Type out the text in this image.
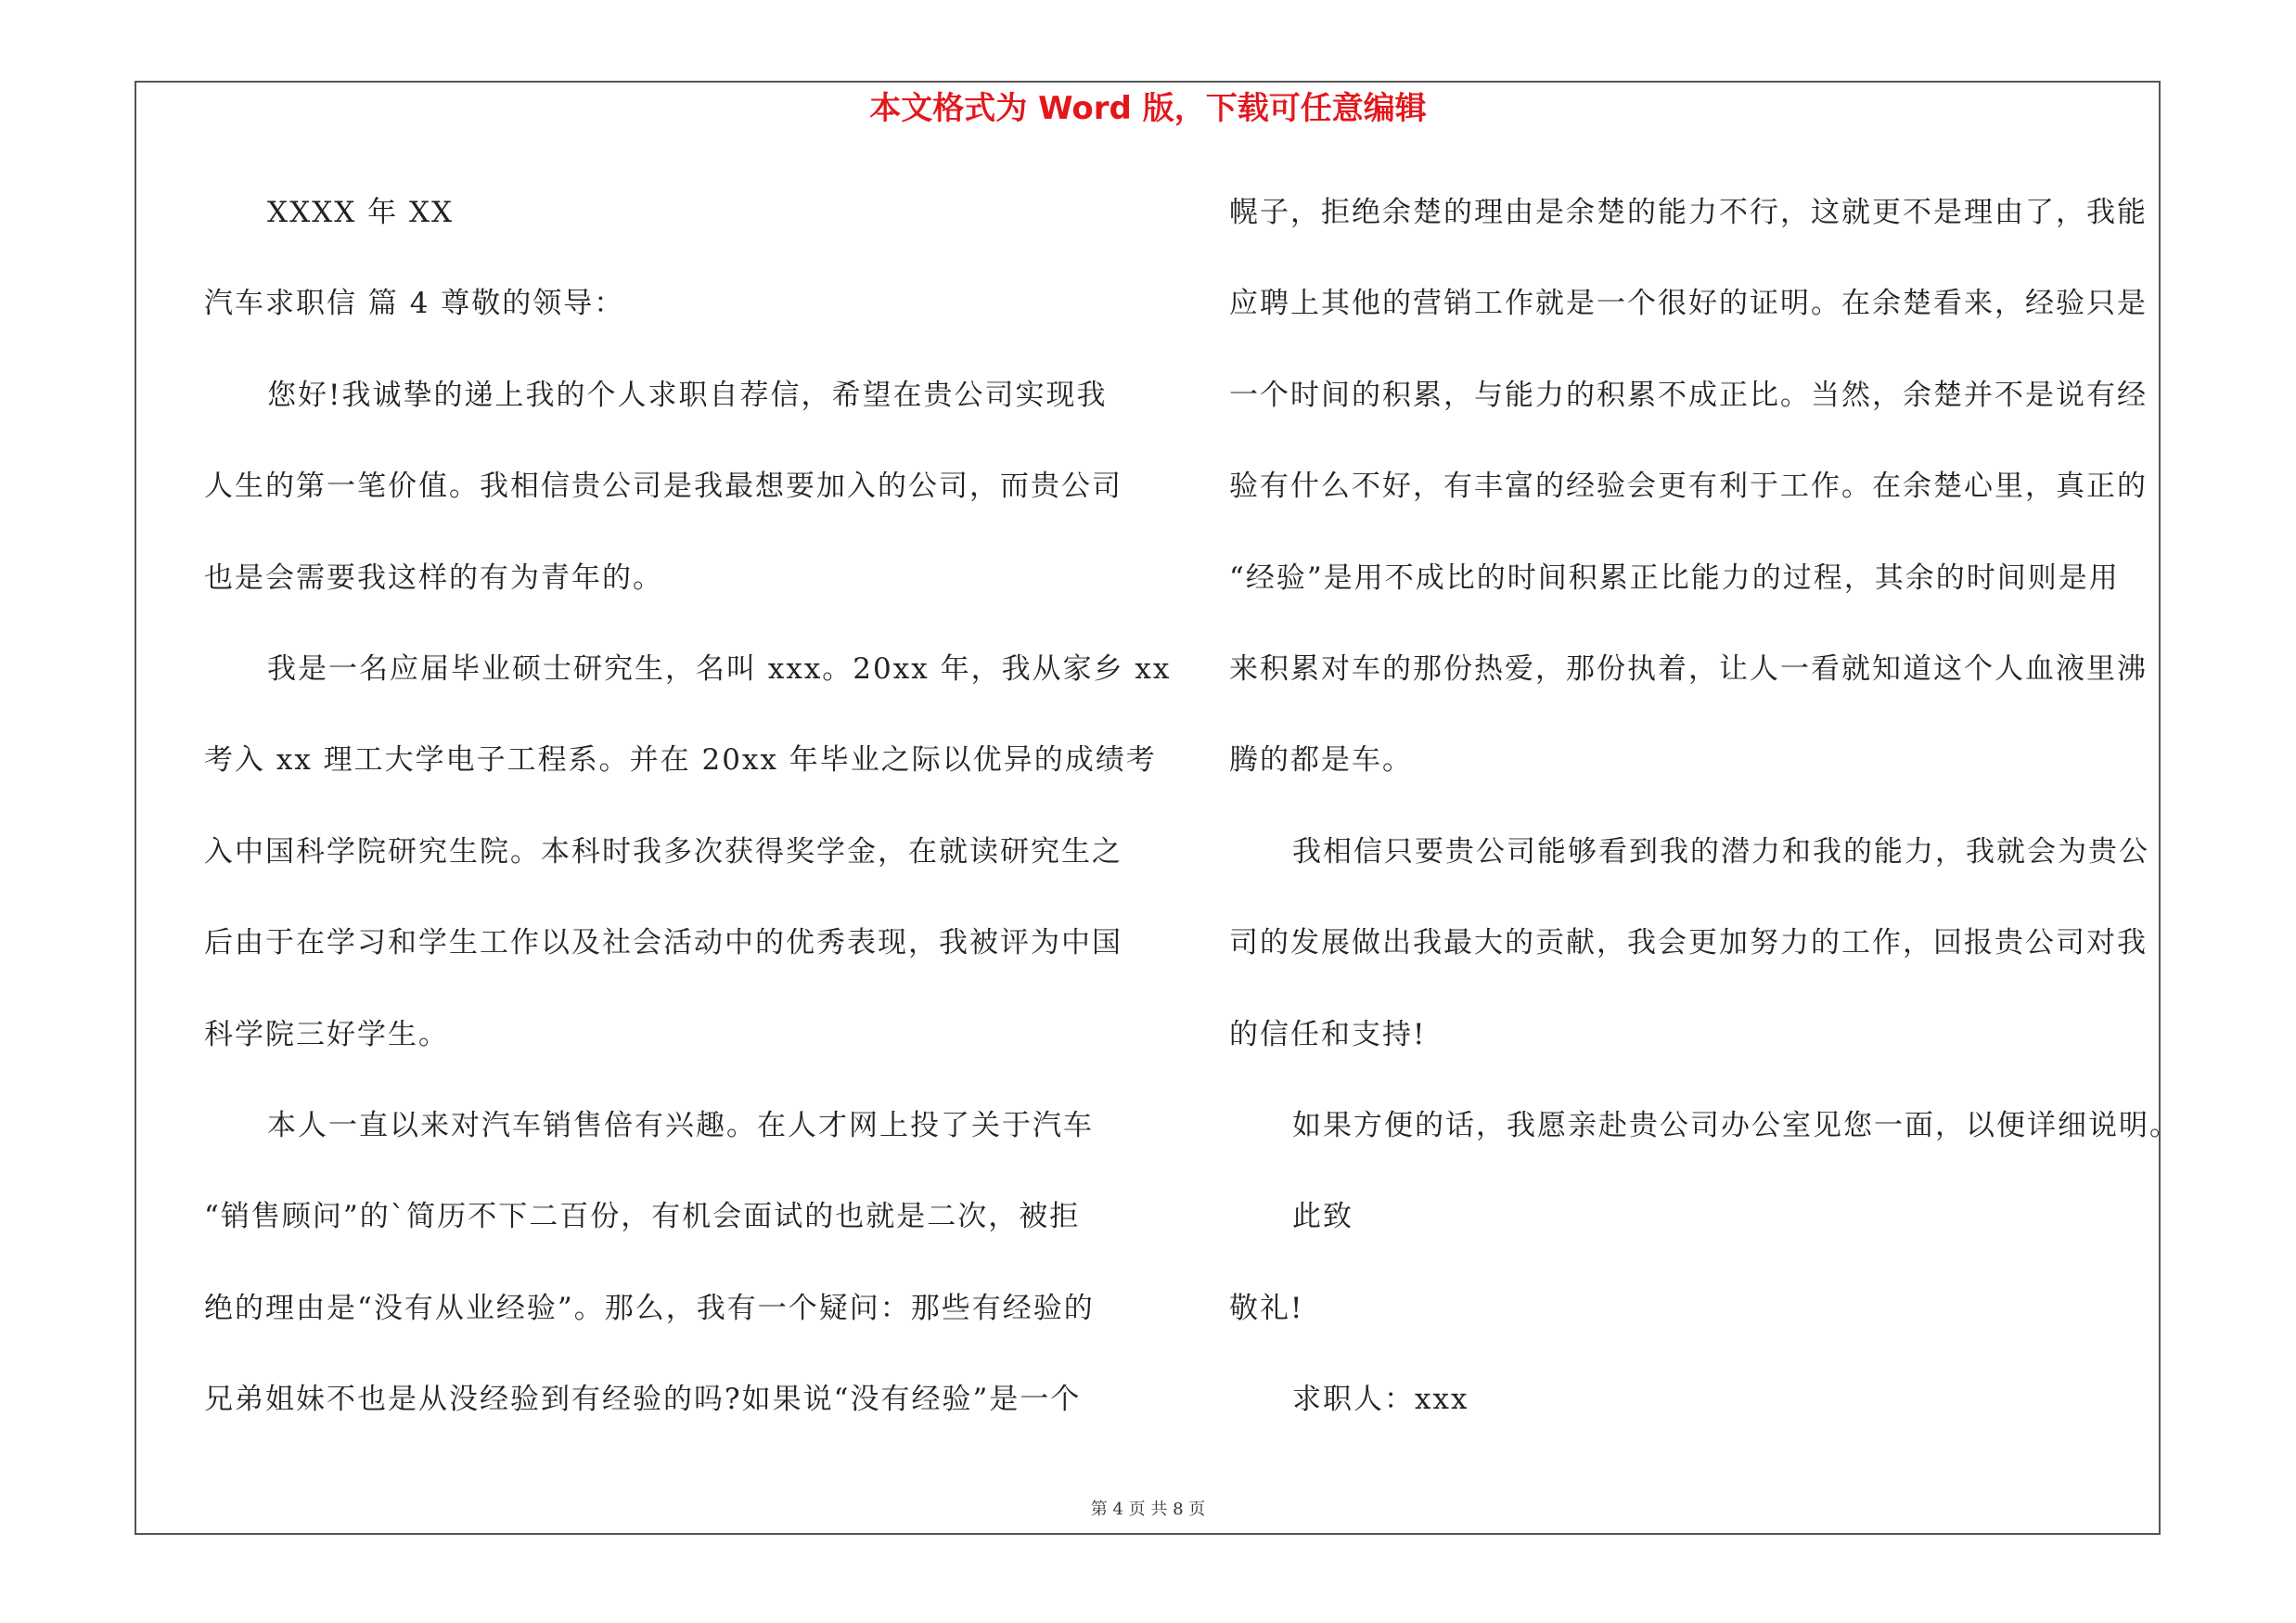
本文格式为 Word 版，下载可任意编辑
XXXX 年 XX
汽车求职信 篇 4 尊敬的领导：
您好!我诚挚的递上我的个人求职自荐信，希望在贵公司实现我
人生的第一笔价值。我相信贵公司是我最想要加入的公司，而贵公司
也是会需要我这样的有为青年的。
我是一名应届毕业硕士研究生，名叫 xxx。20xx 年，我从家乡 xx
考入 xx 理工大学电子工程系。并在 20xx 年毕业之际以优异的成绩考
入中国科学院研究生院。本科时我多次获得奖学金，在就读研究生之
后由于在学习和学生工作以及社会活动中的优秀表现，我被评为中国
科学院三好学生。
本人一直以来对汽车销售倍有兴趣。在人才网上投了关于汽车
“销售顾问”的`简历不下二百份，有机会面试的也就是二次，被拒
绝的理由是“没有从业经验”。那么，我有一个疑问：那些有经验的
兄弟姐妹不也是从没经验到有经验的吗?如果说“没有经验”是一个
幌子，拒绝余楚的理由是余楚的能力不行，这就更不是理由了，我能
应聘上其他的营销工作就是一个很好的证明。在余楚看来，经验只是
一个时间的积累，与能力的积累不成正比。当然，余楚并不是说有经
验有什么不好，有丰富的经验会更有利于工作。在余楚心里，真正的
“经验”是用不成比的时间积累正比能力的过程，其余的时间则是用
来积累对车的那份热爱，那份执着，让人一看就知道这个人血液里沸
腾的都是车。
我相信只要贵公司能够看到我的潜力和我的能力，我就会为贵公
司的发展做出我最大的贡献，我会更加努力的工作，回报贵公司对我
的信任和支持!
如果方便的话，我愿亲赴贵公司办公室见您一面，以便详细说明。
此致
敬礼!
求职人：xxx
第 4 页 共 8 页
